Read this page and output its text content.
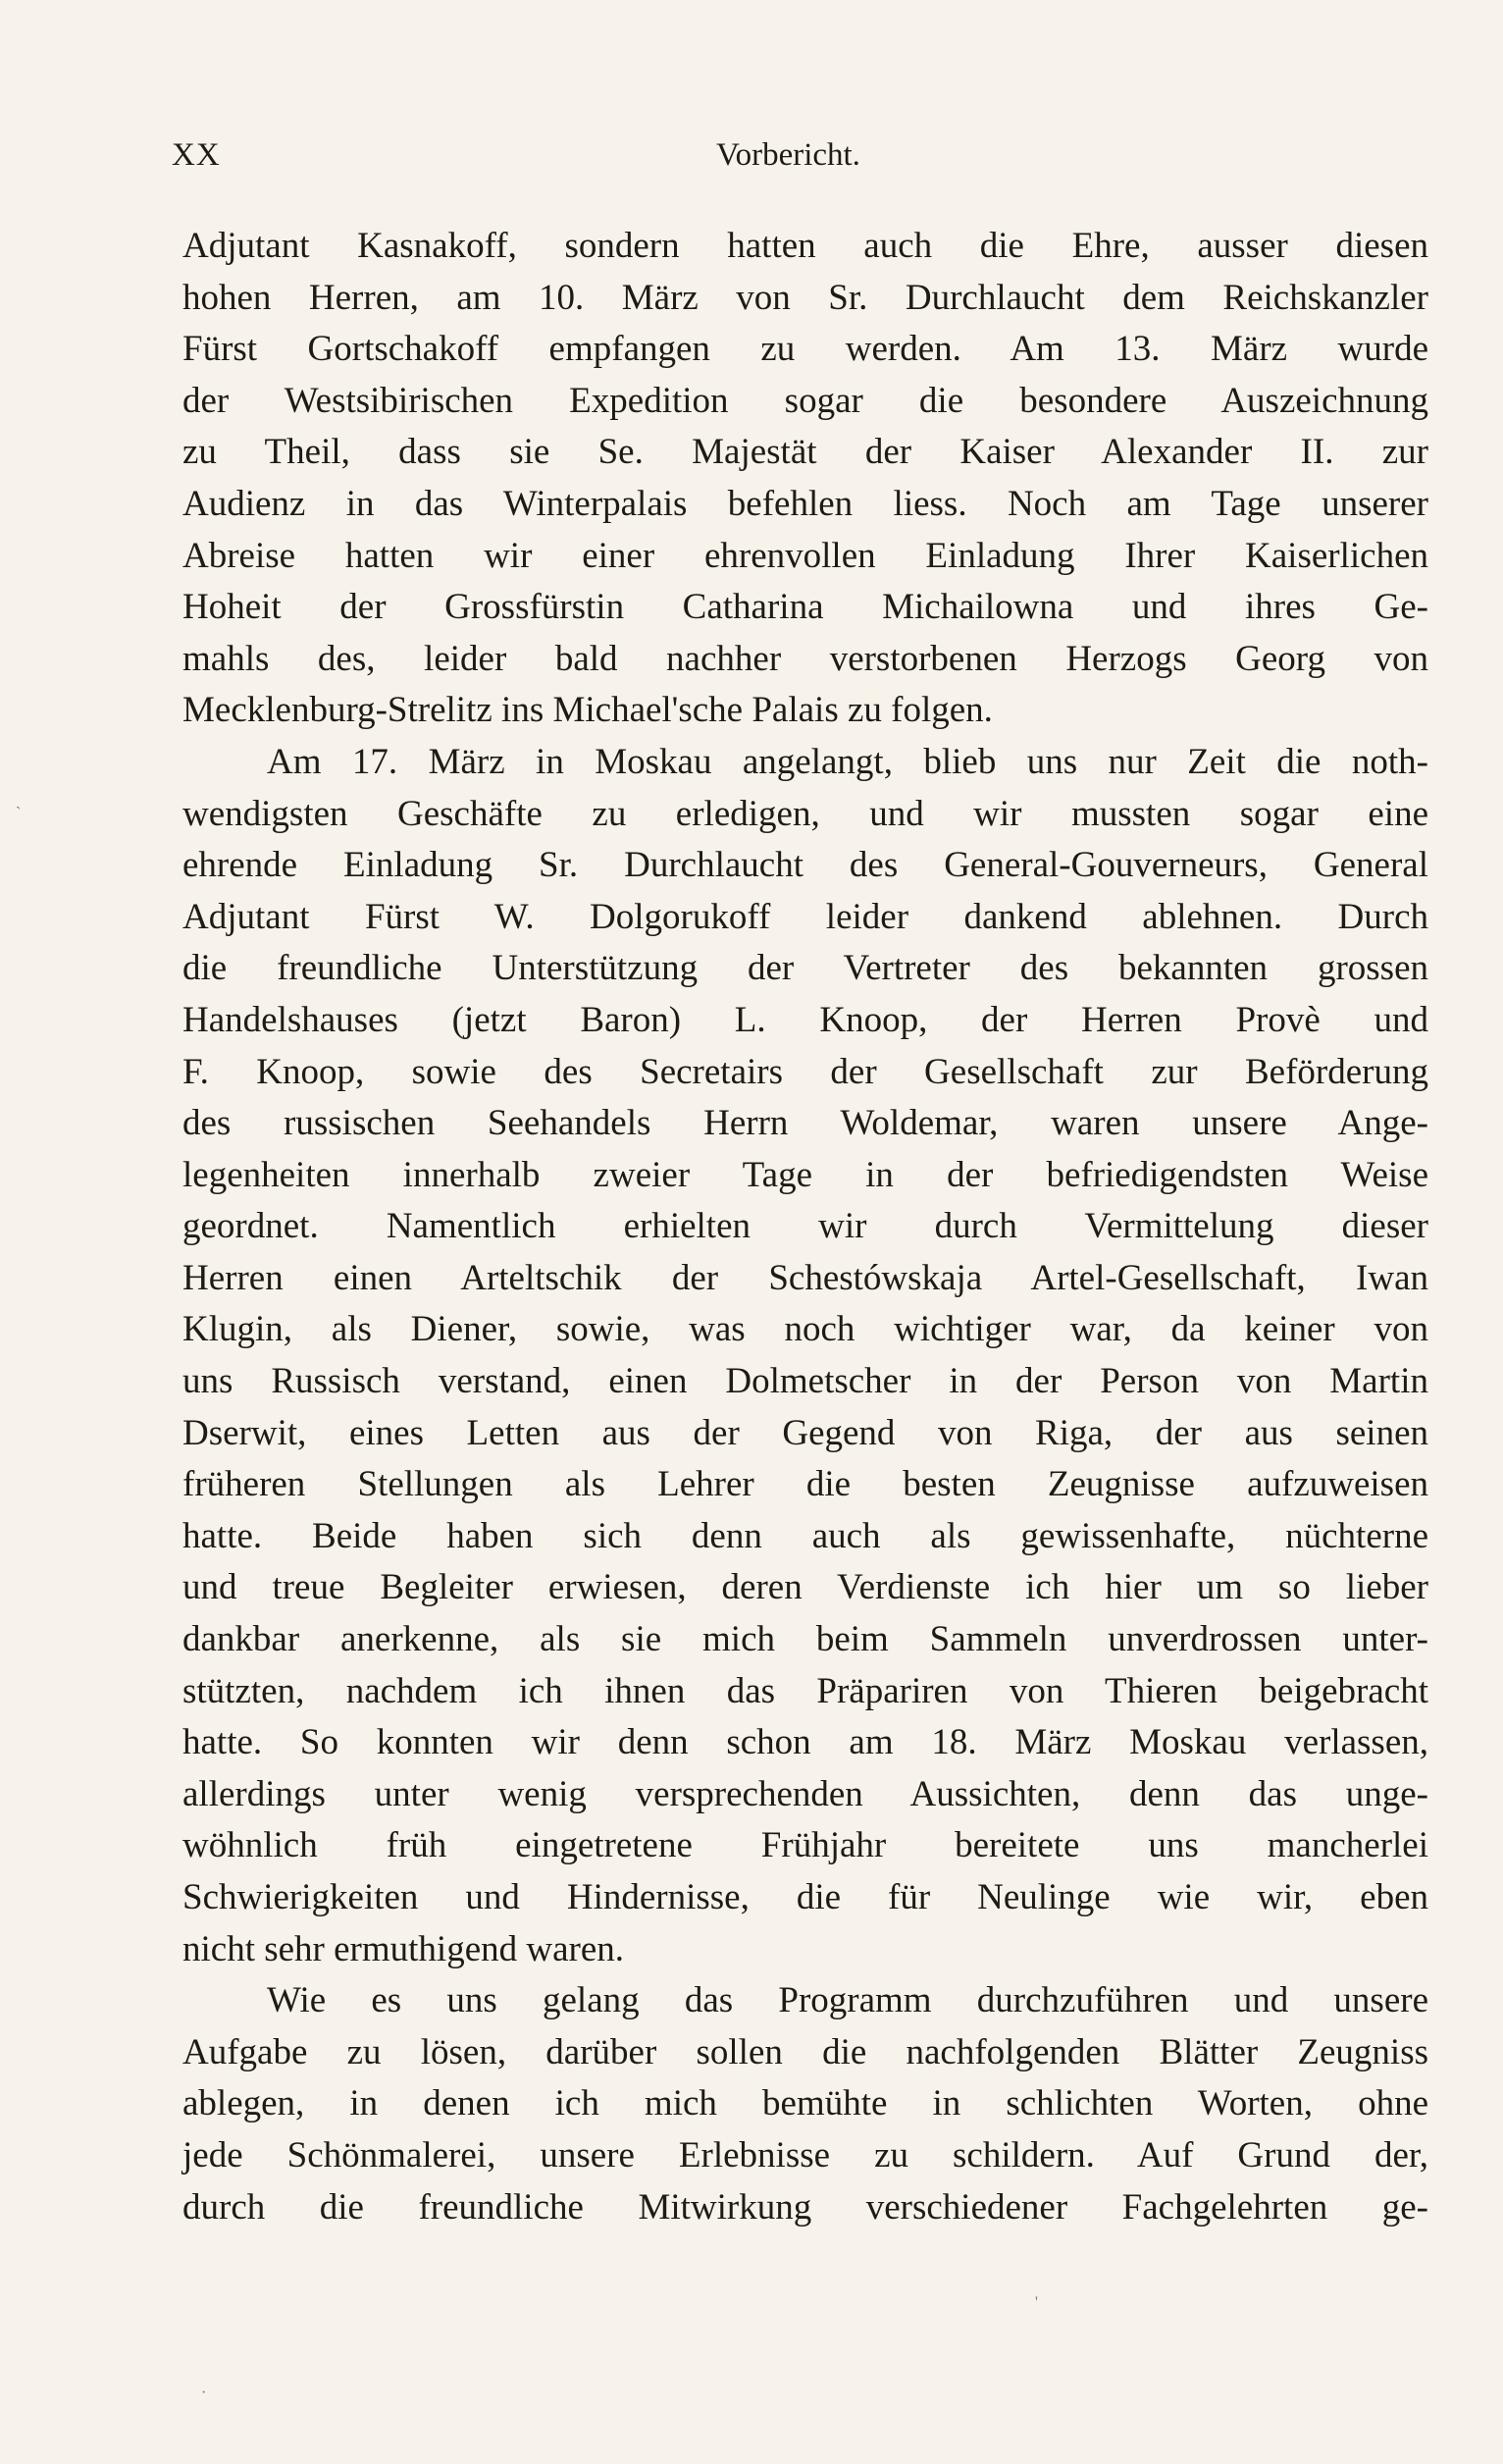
XX	Vorbericht.
Adjutant Kasnakoff, sondern hatten auch die Ehre, ausser diesen
hohen Herren, am 10. März von Sr. Durchlaucht dem Reichskanzler
Fürst Gortschakoff empfangen zu werden. Am 13. März wurde
der Westsibirischen Expedition sogar die besondere Auszeichnung
zu Theil, dass sie Se. Majestät der Kaiser Alexander II. zur
Audienz in das Winterpalais befehlen liess. Noch am Tage unserer
Abreise hatten wir einer ehrenvollen Einladung Ihrer Kaiserlichen
Hoheit der Grossfürstin Catharina Michailowna und ihres Ge-
mahls des, leider bald nachher verstorbenen Herzogs Georg von
Mecklenburg-Strelitz ins Michael'sche Palais zu folgen.
Am 17. März in Moskau angelangt, blieb uns nur Zeit die noth-
wendigsten Geschäfte zu erledigen, und wir mussten sogar eine
ehrende Einladung Sr. Durchlaucht des General-Gouverneurs, General
Adjutant Fürst W. Dolgorukoff leider dankend ablehnen. Durch
die freundliche Unterstützung der Vertreter des bekannten grossen
Handelshauses (jetzt Baron) L. Knoop, der Herren Provè und
F. Knoop, sowie des Secretairs der Gesellschaft zur Beförderung
des russischen Seehandels Herrn Woldemar, waren unsere Ange-
legenheiten innerhalb zweier Tage in der befriedigendsten Weise
geordnet. Namentlich erhielten wir durch Vermittelung dieser
Herren einen Arteltschik der Schestówskaja Artel-Gesellschaft, Iwan
Klugin, als Diener, sowie, was noch wichtiger war, da keiner von
uns Russisch verstand, einen Dolmetscher in der Person von Martin
Dserwit, eines Letten aus der Gegend von Riga, der aus seinen
früheren Stellungen als Lehrer die besten Zeugnisse aufzuweisen
hatte. Beide haben sich denn auch als gewissenhafte, nüchterne
und treue Begleiter erwiesen, deren Verdienste ich hier um so lieber
dankbar anerkenne, als sie mich beim Sammeln unverdrossen unter-
stützten, nachdem ich ihnen das Präpariren von Thieren beigebracht
hatte. So konnten wir denn schon am 18. März Moskau verlassen,
allerdings unter wenig versprechenden Aussichten, denn das unge-
wöhnlich früh eingetretene Frühjahr bereitete uns mancherlei
Schwierigkeiten und Hindernisse, die für Neulinge wie wir, eben
nicht sehr ermuthigend waren.
Wie es uns gelang das Programm durchzuführen und unsere
Aufgabe zu lösen, darüber sollen die nachfolgenden Blätter Zeugniss
ablegen, in denen ich mich bemühte in schlichten Worten, ohne
jede Schönmalerei, unsere Erlebnisse zu schildern. Auf Grund der,
durch die freundliche Mitwirkung verschiedener Fachgelehrten ge-
'
·
`
